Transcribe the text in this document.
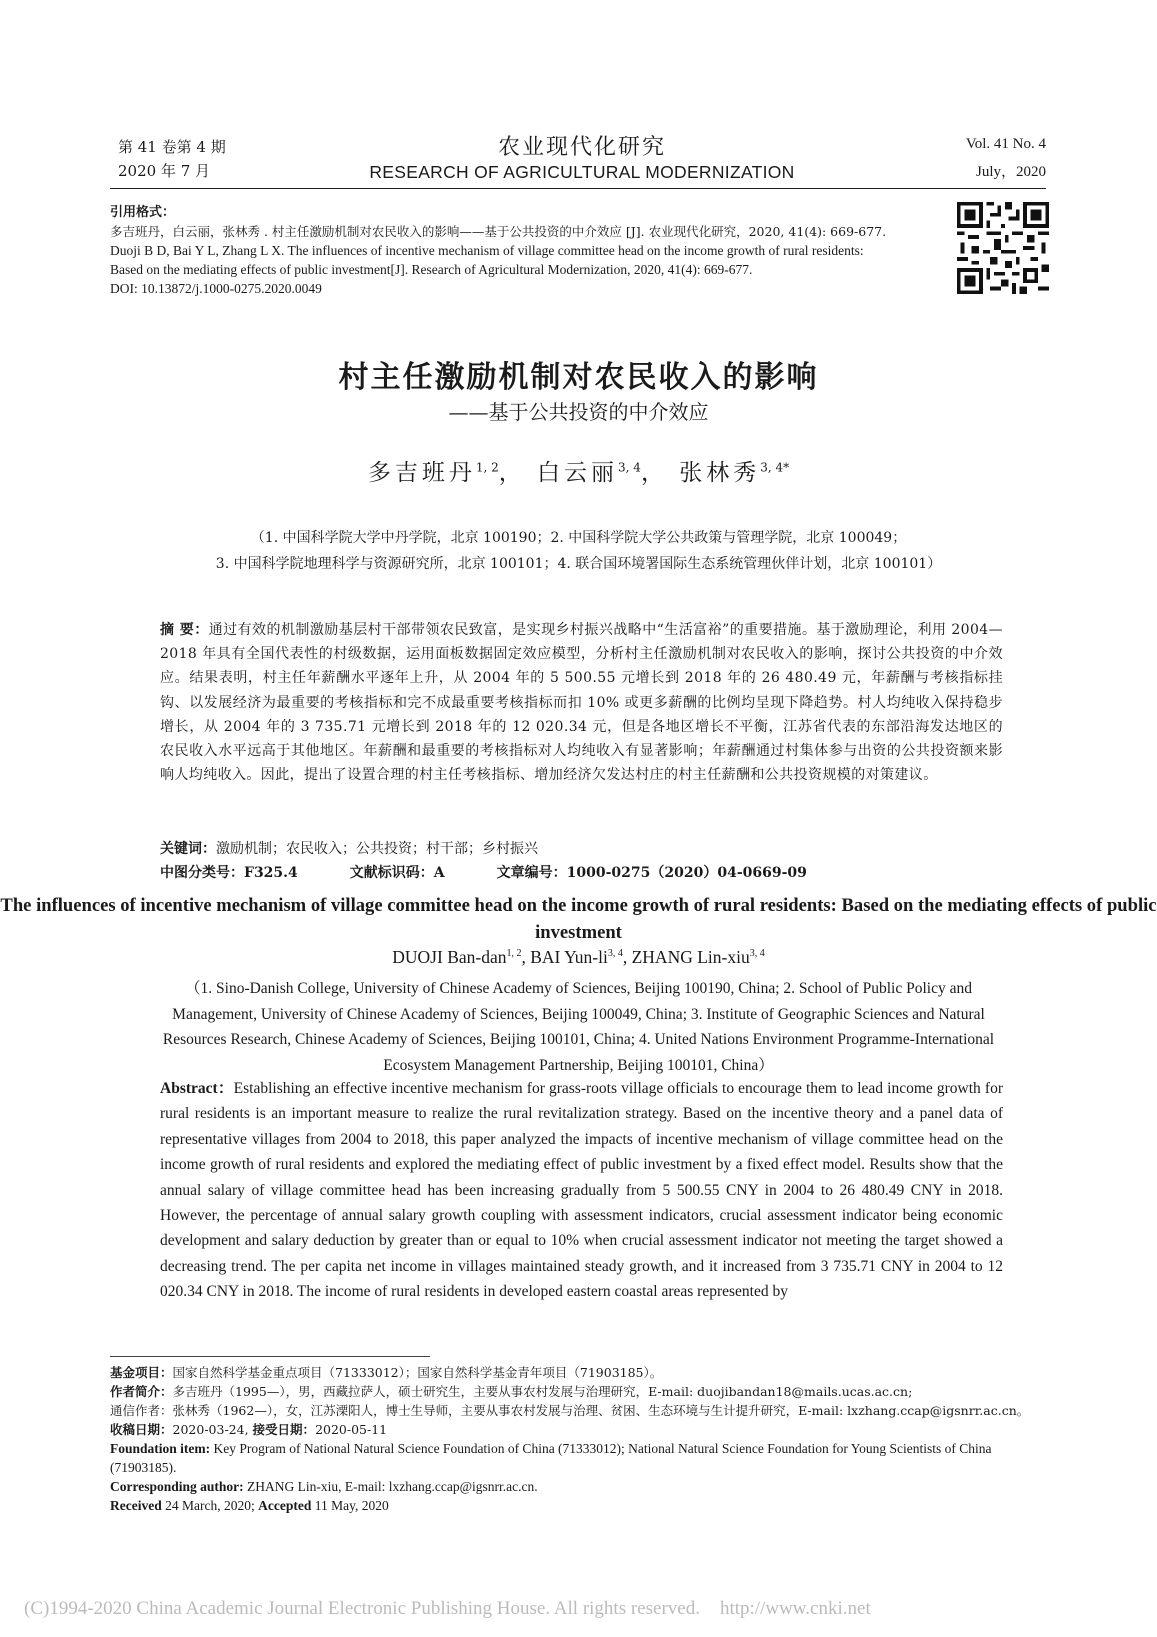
第 41 卷第 4 期
2020 年 7 月
农业现代化研究
RESEARCH OF AGRICULTURAL MODERNIZATION
Vol. 41 No. 4
July，2020
引用格式：
多吉班丹，白云丽，张林秀 . 村主任激励机制对农民收入的影响——基于公共投资的中介效应 [J]. 农业现代化研究，2020, 41(4): 669-677.
Duoji B D, Bai Y L, Zhang L X. The influences of incentive mechanism of village committee head on the income growth of rural residents: Based on the mediating effects of public investment[J]. Research of Agricultural Modernization, 2020, 41(4): 669-677.
DOI: 10.13872/j.1000-0275.2020.0049
村主任激励机制对农民收入的影响
——基于公共投资的中介效应
多吉班丹$^{1, 2}$， 白云丽$^{3, 4}$， 张林秀$^{3, 4*}$
（1. 中国科学院大学中丹学院，北京 100190；2. 中国科学院大学公共政策与管理学院，北京 100049；
3. 中国科学院地理科学与资源研究所，北京 100101；4. 联合国环境署国际生态系统管理伙伴计划，北京 100101）
摘 要：通过有效的机制激励基层村干部带领农民致富，是实现乡村振兴战略中“生活富裕”的重要措施。基于激励理论，利用 2004—2018 年具有全国代表性的村级数据，运用面板数据固定效应模型，分析村主任激励机制对农民收入的影响，探讨公共投资的中介效应。结果表明，村主任年薪酬水平逐年上升，从 2004 年的 5 500.55 元增长到 2018 年的 26 480.49 元，年薪酬与考核指标挂钩、以发展经济为最重要的考核指标和完不成最重要考核指标而扣 10% 或更多薪酬的比例均呈现下降趋势。村人均纯收入保持稳步增长，从 2004 年的 3 735.71 元增长到 2018 年的 12 020.34 元，但是各地区增长不平衡，江苏省代表的东部沿海发达地区的农民收入水平远高于其他地区。年薪酬和最重要的考核指标对人均纯收入有显著影响；年薪酬通过村集体参与出资的公共投资额来影响人均纯收入。因此，提出了设置合理的村主任考核指标、增加经济欠发达村庄的村主任薪酬和公共投资规模的对策建议。
关键词：激励机制；农民收入；公共投资；村干部；乡村振兴
中图分类号：F325.4	文献标识码：A	文章编号：1000-0275（2020）04-0669-09
The influences of incentive mechanism of village committee head on the income growth of rural residents: Based on the mediating effects of public investment
DUOJI Ban-dan$^{1, 2}$, BAI Yun-li$^{3, 4}$, ZHANG Lin-xiu$^{3, 4}$
（1. Sino-Danish College, University of Chinese Academy of Sciences, Beijing 100190, China; 2. School of Public Policy and Management, University of Chinese Academy of Sciences, Beijing 100049, China; 3. Institute of Geographic Sciences and Natural Resources Research, Chinese Academy of Sciences, Beijing 100101, China; 4. United Nations Environment Programme-International Ecosystem Management Partnership, Beijing 100101, China）
Abstract：Establishing an effective incentive mechanism for grass-roots village officials to encourage them to lead income growth for rural residents is an important measure to realize the rural revitalization strategy. Based on the incentive theory and a panel data of representative villages from 2004 to 2018, this paper analyzed the impacts of incentive mechanism of village committee head on the income growth of rural residents and explored the mediating effect of public investment by a fixed effect model. Results show that the annual salary of village committee head has been increasing gradually from 5 500.55 CNY in 2004 to 26 480.49 CNY in 2018. However, the percentage of annual salary growth coupling with assessment indicators, crucial assessment indicator being economic development and salary deduction by greater than or equal to 10% when crucial assessment indicator not meeting the target showed a decreasing trend. The per capita net income in villages maintained steady growth, and it increased from 3 735.71 CNY in 2004 to 12 020.34 CNY in 2018. The income of rural residents in developed eastern coastal areas represented by
基金项目：国家自然科学基金重点项目（71333012）；国家自然科学基金青年项目（71903185）。
作者简介：多吉班丹（1995—），男，西藏拉萨人，硕士研究生，主要从事农村发展与治理研究，E-mail: duojibandan18@mails.ucas.ac.cn;
通信作者：张林秀（1962—），女，江苏溧阳人，博士生导师，主要从事农村发展与治理、贫困、生态环境与生计提升研究，E-mail: lxzhang.ccap@igsnrr.ac.cn。
收稿日期：2020-03-24, 接受日期：2020-05-11
Foundation item: Key Program of National Natural Science Foundation of China (71333012); National Natural Science Foundation for Young Scientists of China (71903185).
Corresponding author: ZHANG Lin-xiu, E-mail: lxzhang.ccap@igsnrr.ac.cn.
Received 24 March, 2020; Accepted 11 May, 2020
(C)1994-2020 China Academic Journal Electronic Publishing House. All rights reserved. http://www.cnki.net
